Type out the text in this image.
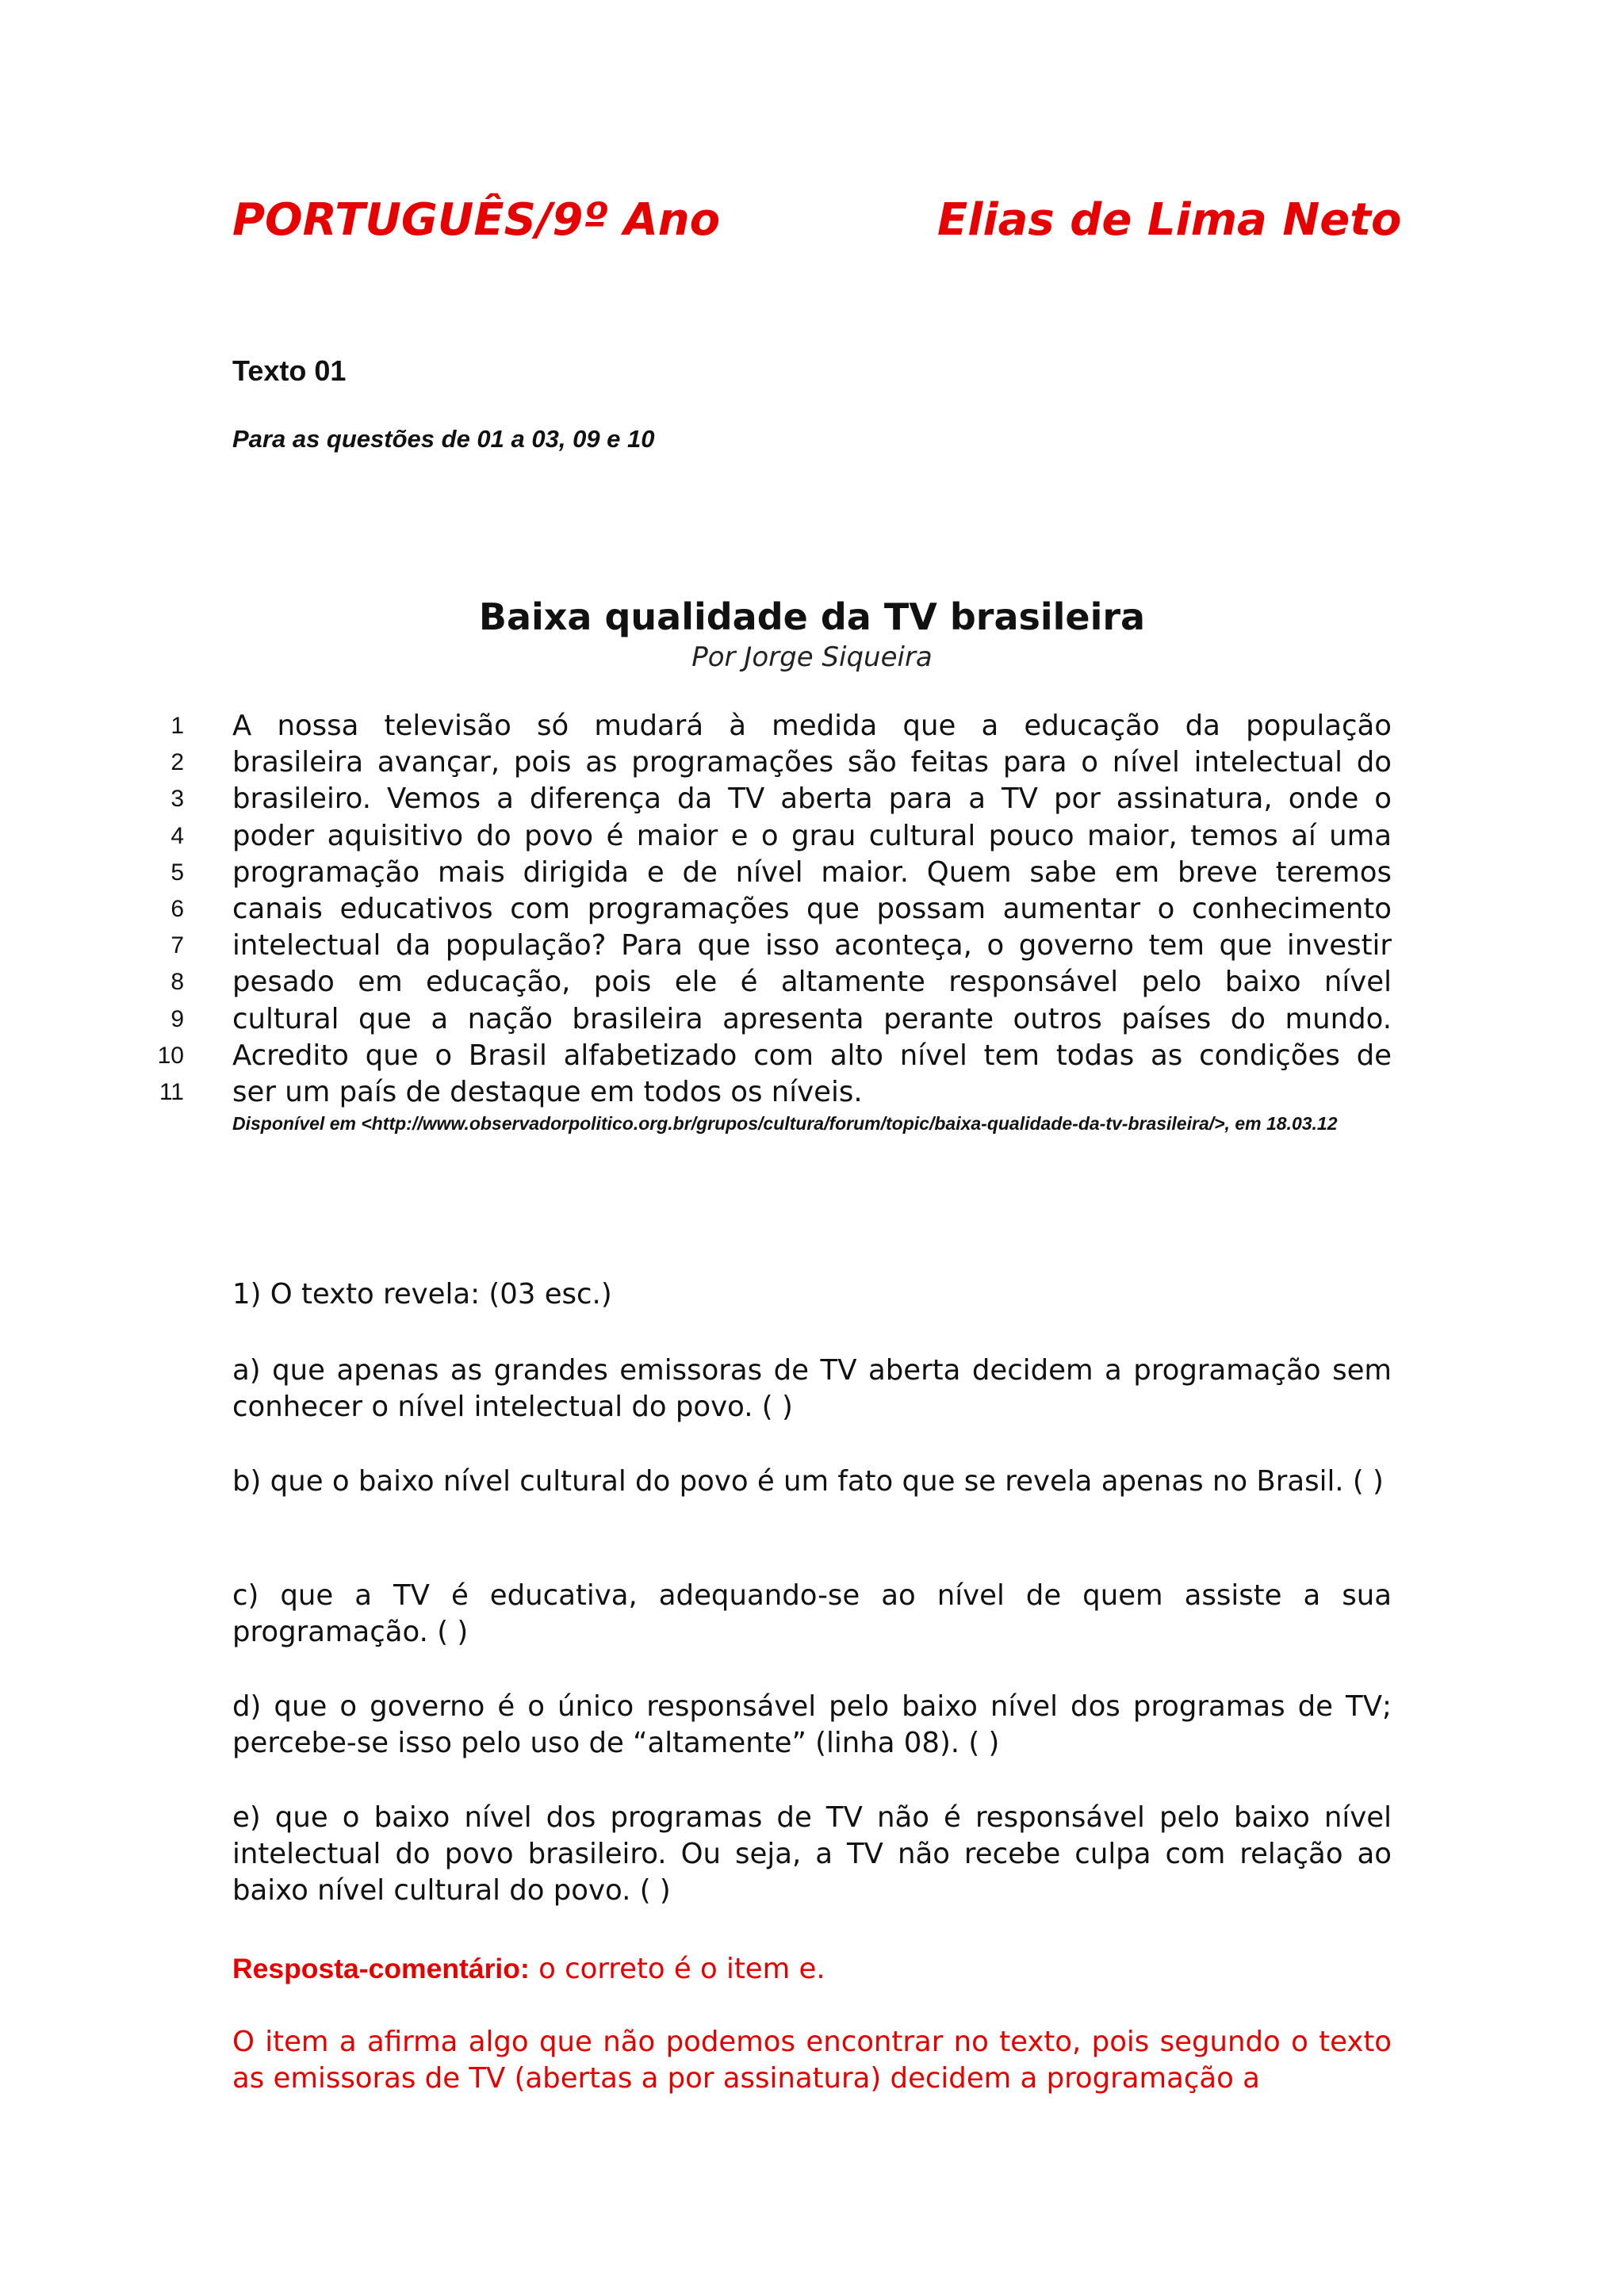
PORTUGUÊS/9º Ano	Elias de Lima Neto
Texto 01
Para as questões de 01 a 03, 09 e 10
Baixa qualidade da TV brasileira
Por Jorge Siqueira
1
2
3
4
5
6
7
8
9
10
11
A nossa televisão só mudará à medida que a educação da população
brasileira avançar, pois as programações são feitas para o nível intelectual do
brasileiro. Vemos a diferença da TV aberta para a TV por assinatura, onde o
poder aquisitivo do povo é maior e o grau cultural pouco maior, temos aí uma
programação mais dirigida e de nível maior. Quem sabe em breve teremos
canais educativos com programações que possam aumentar o conhecimento
intelectual da população? Para que isso aconteça, o governo tem que investir
pesado em educação, pois ele é altamente responsável pelo baixo nível
cultural que a nação brasileira apresenta perante outros países do mundo.
Acredito que o Brasil alfabetizado com alto nível tem todas as condições de
ser um país de destaque em todos os níveis.
Disponível em <http://www.observadorpolitico.org.br/grupos/cultura/forum/topic/baixa-qualidade-da-tv-brasileira/>, em 18.03.12
1) O texto revela: (03 esc.)
a) que apenas as grandes emissoras de TV aberta decidem a programação sem conhecer o nível intelectual do povo. ( )
b) que o baixo nível cultural do povo é um fato que se revela apenas no Brasil. ( )
c) que a TV é educativa, adequando-se ao nível de quem assiste a sua programação. ( )
d) que o governo é o único responsável pelo baixo nível dos programas de TV; percebe-se isso pelo uso de “altamente” (linha 08). ( )
e) que o baixo nível dos programas de TV não é responsável pelo baixo nível intelectual do povo brasileiro. Ou seja, a TV não recebe culpa com relação ao baixo nível cultural do povo. ( )
Resposta-comentário: o correto é o item e.
O item a afirma algo que não podemos encontrar no texto, pois segundo o texto as emissoras de TV (abertas a por assinatura) decidem a programação a
